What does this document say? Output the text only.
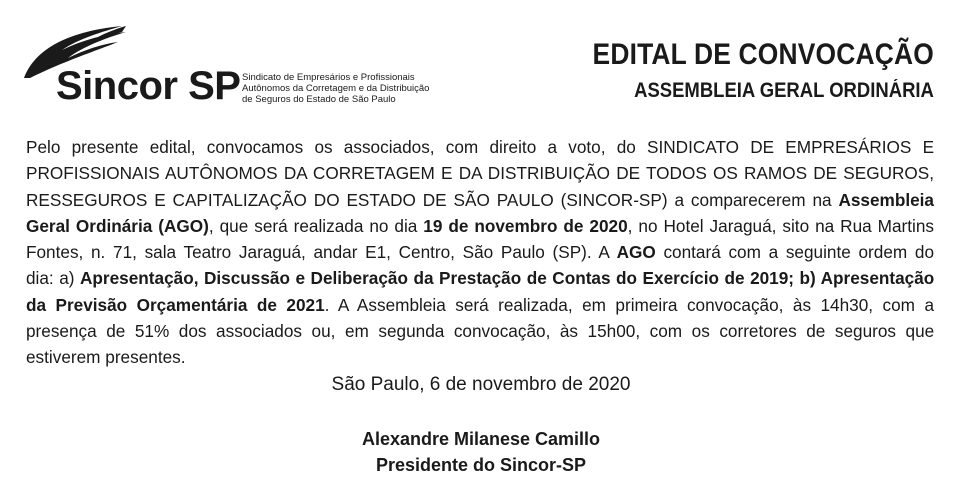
Sincor SP Sindicato de Empresários e Profissionais
Autônomos da Corretagem e da Distribuição
de Seguros do Estado de São Paulo
EDITAL DE CONVOCAÇÃO
ASSEMBLEIA GERAL ORDINÁRIA
Pelo presente edital, convocamos os associados, com direito a voto, do SINDICATO DE EMPRESÁRIOS E
PROFISSIONAIS AUTÔNOMOS DA CORRETAGEM E DA DISTRIBUIÇÃO DE TODOS OS RAMOS DE SEGUROS,
RESSEGUROS E CAPITALIZAÇÃO DO ESTADO DE SÃO PAULO (SINCOR-SP) a comparecerem na Assembleia
Geral Ordinária (AGO), que será realizada no dia 19 de novembro de 2020, no Hotel Jaraguá, sito na Rua Martins
Fontes, n. 71, sala Teatro Jaraguá, andar E1, Centro, São Paulo (SP). A AGO contará com a seguinte ordem do
dia: a) Apresentação, Discussão e Deliberação da Prestação de Contas do Exercício de 2019; b) Apresentação
da Previsão Orçamentária de 2021. A Assembleia será realizada, em primeira convocação, às 14h30, com a
presença de 51% dos associados ou, em segunda convocação, às 15h00, com os corretores de seguros que
estiverem presentes.
São Paulo, 6 de novembro de 2020
Alexandre Milanese Camillo
Presidente do Sincor-SP
